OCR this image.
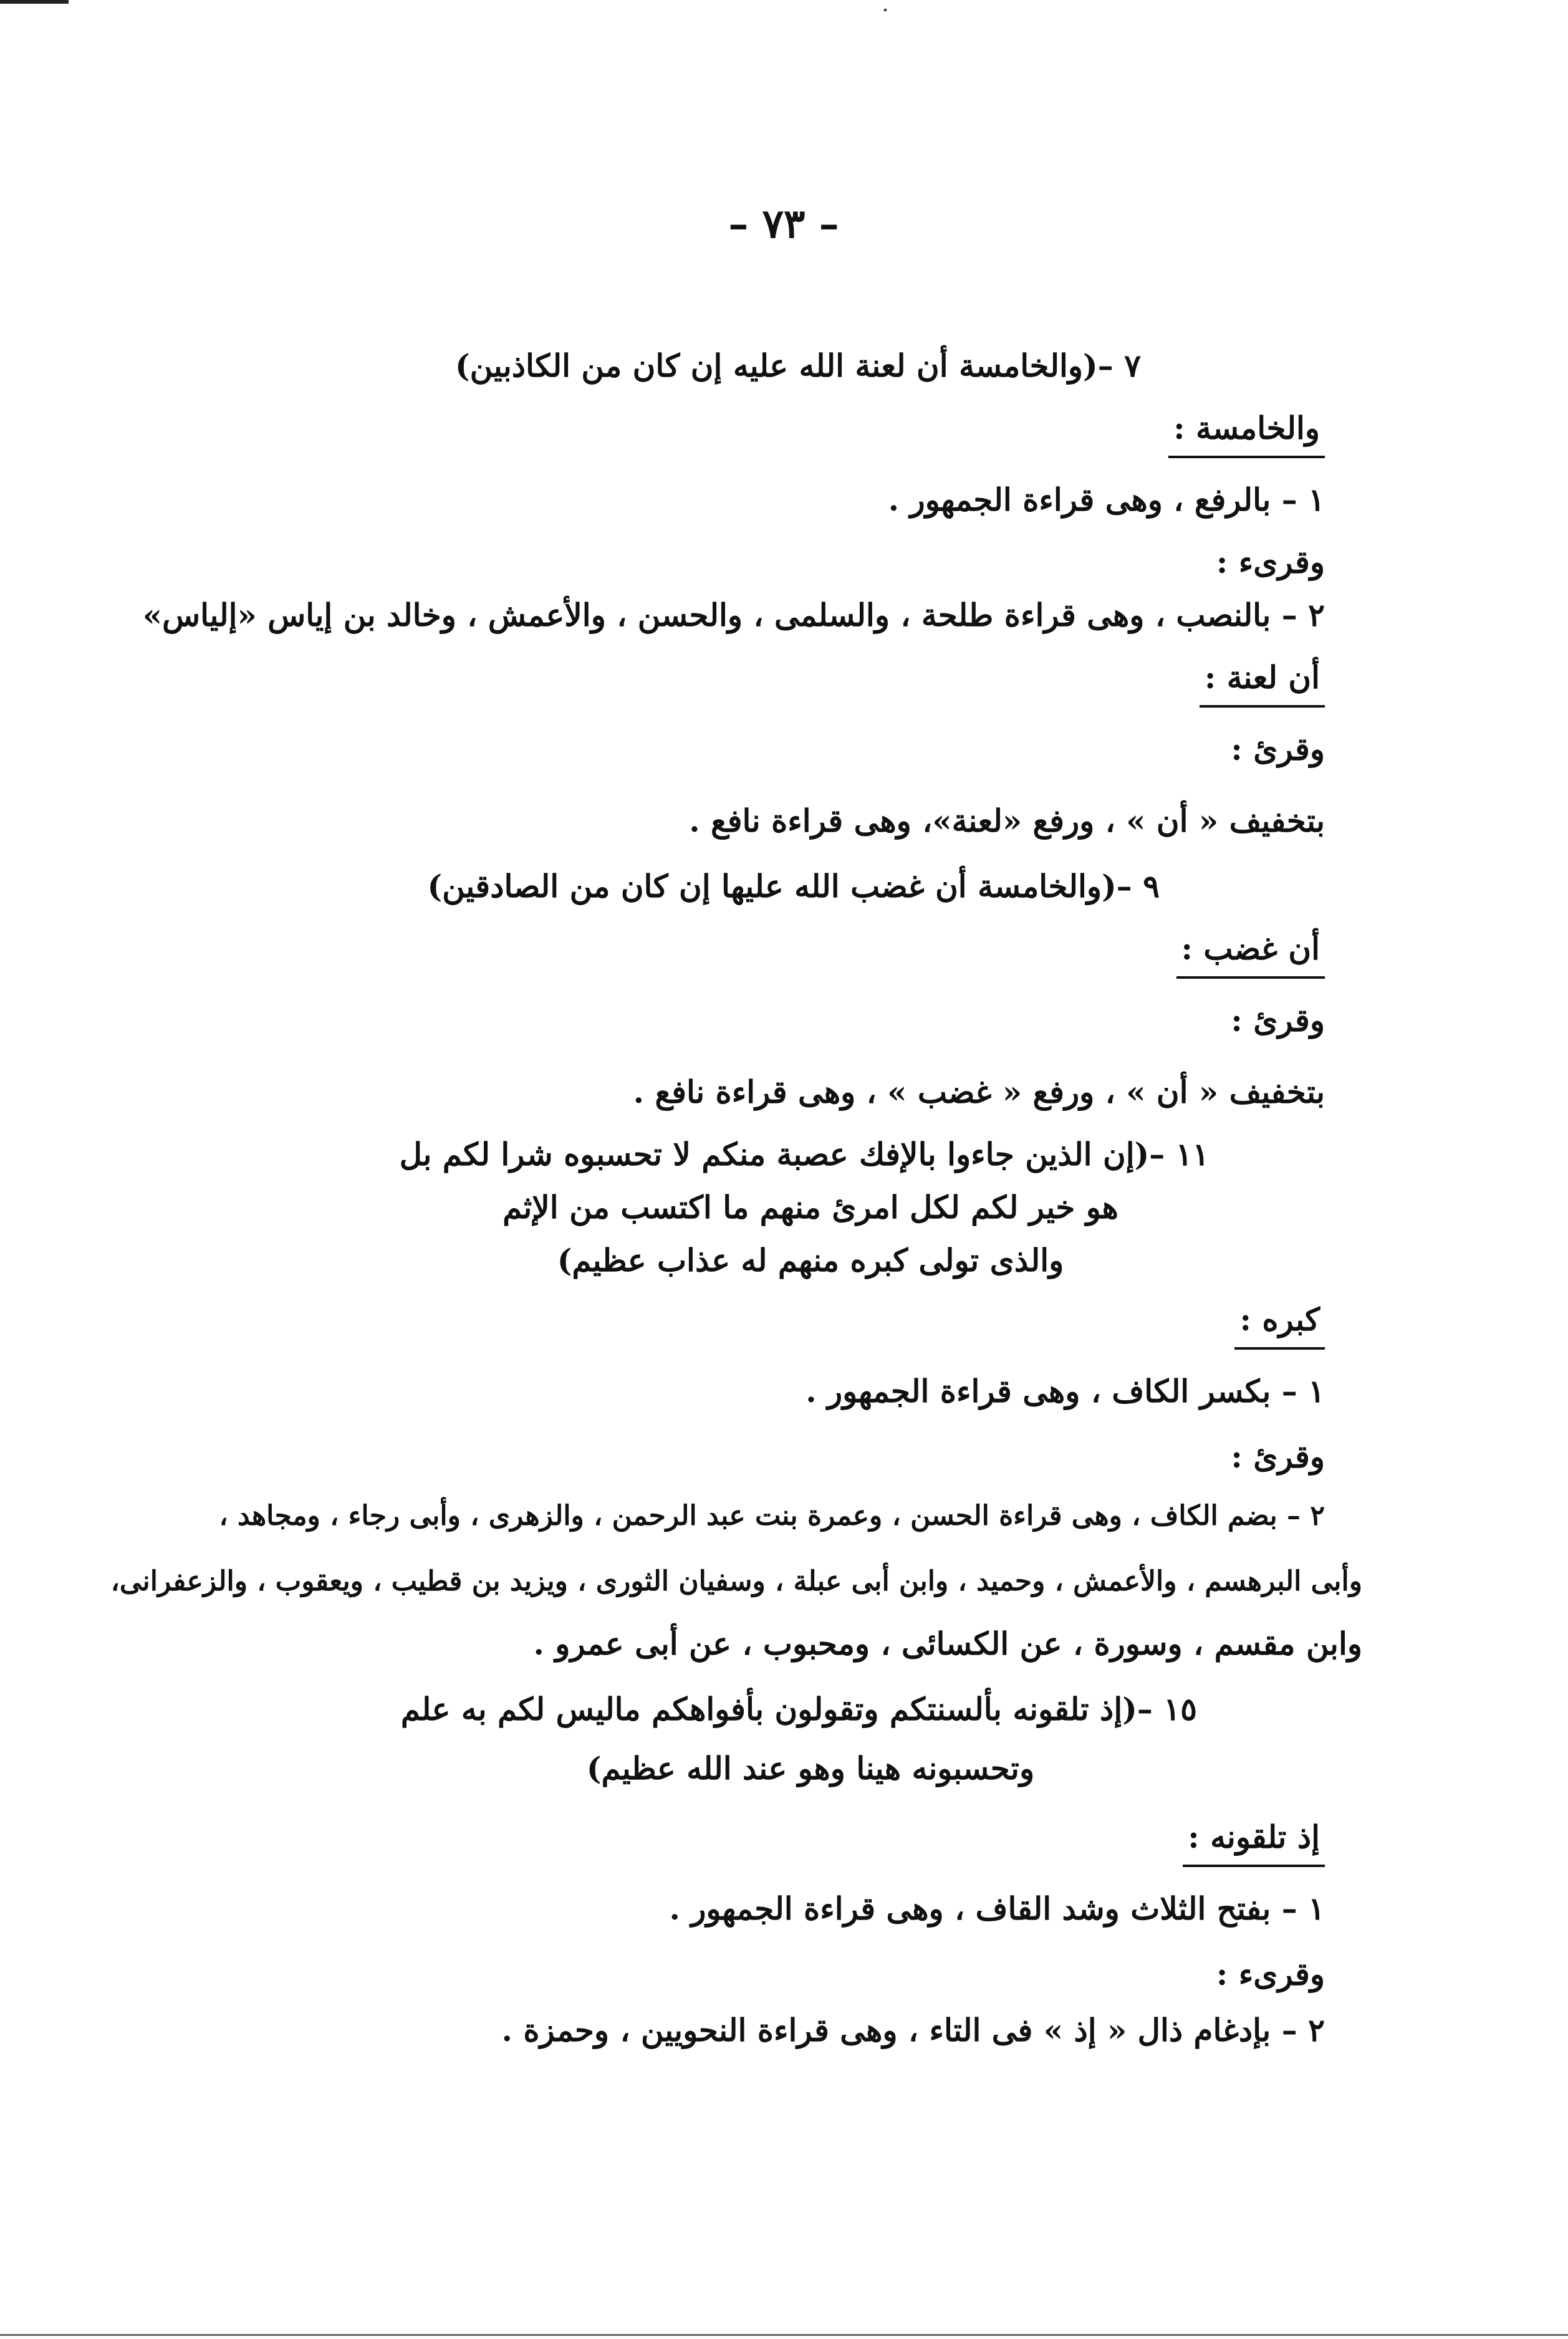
– ٧٣ –
٧ –(والخامسة أن لعنة الله عليه إن كان من الكاذبين)
والخامسة :
١ – بالرفع ، وهى قراءة الجمهور .
وقرىء :
٢ – بالنصب ، وهى قراءة طلحة ، والسلمى ، والحسن ، والأعمش ، وخالد بن إياس «إلياس»
أن لعنة :
وقرئ :
بتخفيف « أن » ، ورفع «لعنة»، وهى قراءة نافع .
٩ –(والخامسة أن غضب الله عليها إن كان من الصادقين)
أن غضب :
وقرئ :
بتخفيف « أن » ، ورفع « غضب » ، وهى قراءة نافع .
١١ –(إن الذين جاءوا بالإفك عصبة منكم لا تحسبوه شرا لكم بل
هو خير لكم لكل امرئ منهم ما اكتسب من الإثم
والذى تولى كبره منهم له عذاب عظيم)
كبره :
١ – بكسر الكاف ، وهى قراءة الجمهور .
وقرئ :
٢ – بضم الكاف ، وهى قراءة الحسن ، وعمرة بنت عبد الرحمن ، والزهرى ، وأبى رجاء ، ومجاهد ،
وأبى البرهسم ، والأعمش ، وحميد ، وابن أبى عبلة ، وسفيان الثورى ، ويزيد بن قطيب ، ويعقوب ، والزعفرانى،
وابن مقسم ، وسورة ، عن الكسائى ، ومحبوب ، عن أبى عمرو .
١٥ –(إذ تلقونه بألسنتكم وتقولون بأفواهكم ماليس لكم به علم
وتحسبونه هينا وهو عند الله عظيم)
إذ تلقونه :
١ – بفتح الثلاث وشد القاف ، وهى قراءة الجمهور .
وقرىء :
٢ – بإدغام ذال « إذ » فى التاء ، وهى قراءة النحويين ، وحمزة .
